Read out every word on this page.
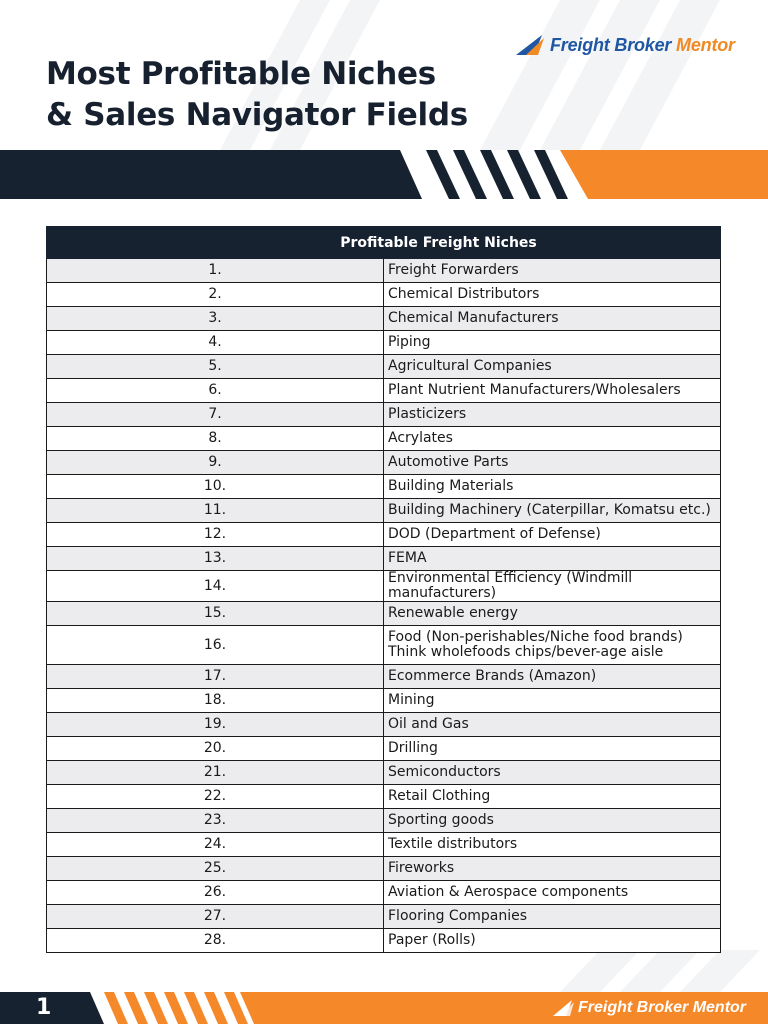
Freight Broker Mentor
Most Profitable Niches
& Sales Navigator Fields
Profitable Freight Niches	
1.	Freight Forwarders
2.	Chemical Distributors
3.	Chemical Manufacturers
4.	Piping
5.	Agricultural Companies
6.	Plant Nutrient Manufacturers/Wholesalers
7.	Plasticizers
8.	Acrylates
9.	Automotive Parts
10.	Building Materials
11.	Building Machinery (Caterpillar, Komatsu etc.)
12.	DOD (Department of Defense)
13.	FEMA
14.	Environmental Efficiency (Windmill manufacturers)
15.	Renewable energy
16.	Food (Non-perishables/Niche food brands) Think wholefoods chips/bever-age aisle
17.	Ecommerce Brands (Amazon)
18.	Mining
19.	Oil and Gas
20.	Drilling
21.	Semiconductors
22.	Retail Clothing
23.	Sporting goods
24.	Textile distributors
25.	Fireworks
26.	Aviation & Aerospace components
27.	Flooring Companies
28.	Paper (Rolls)
1	Freight Broker Mentor
